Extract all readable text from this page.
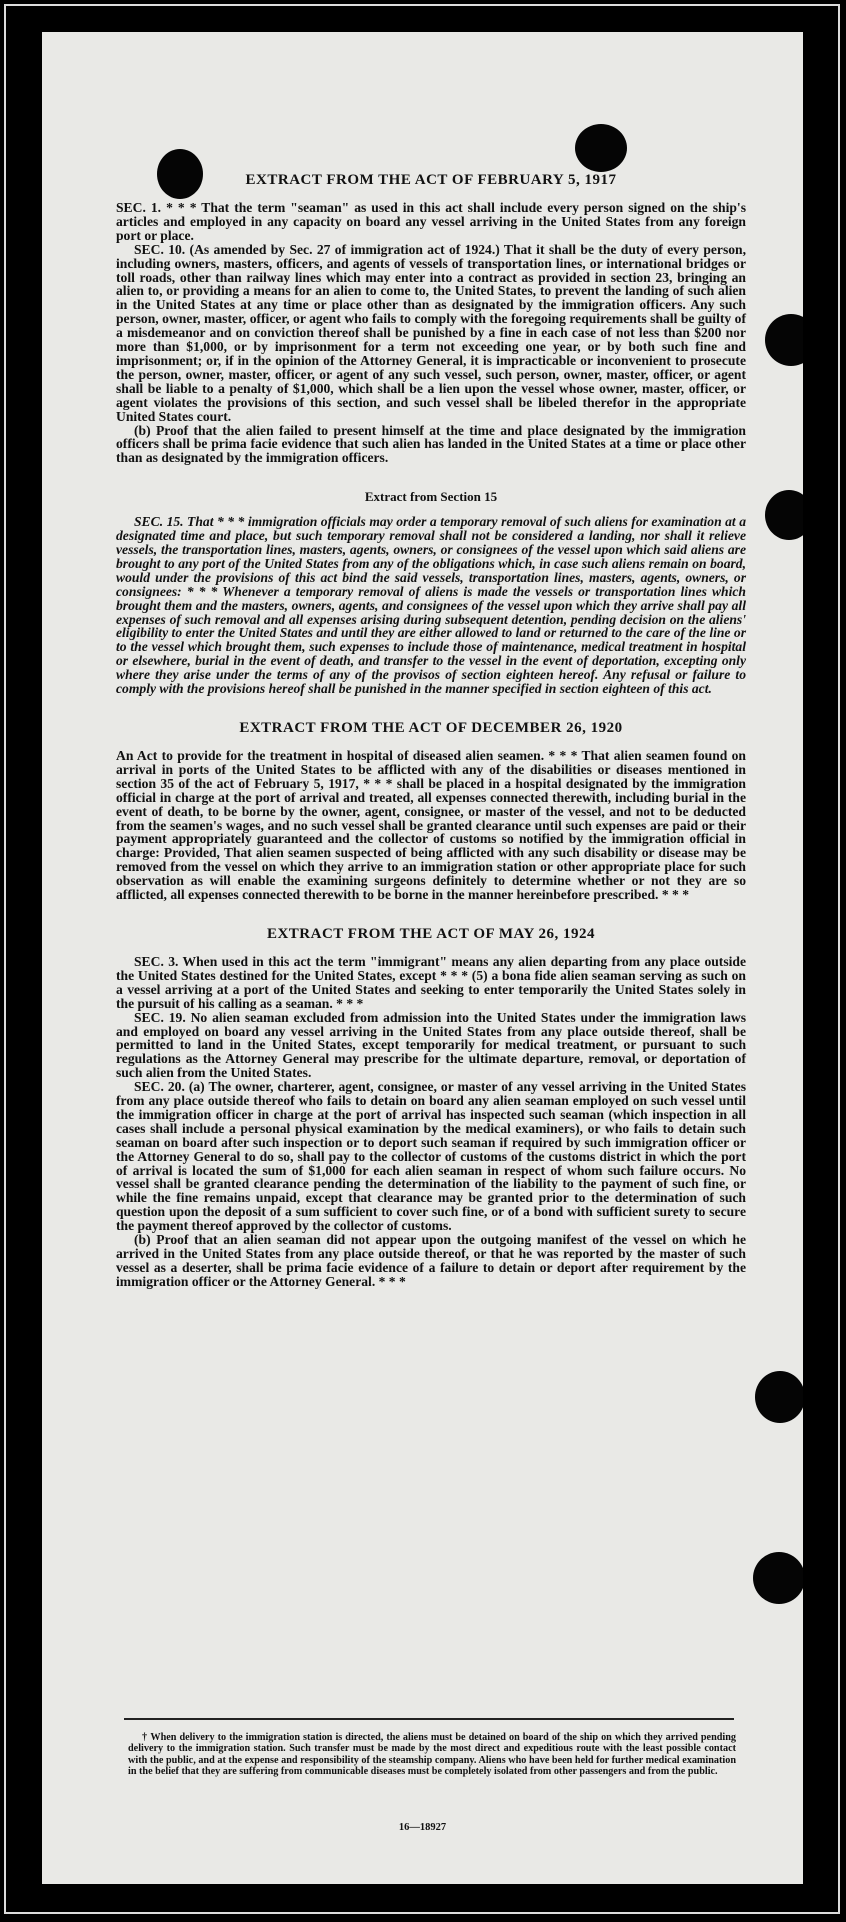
EXTRACT FROM THE ACT OF FEBRUARY 5, 1917

SEC. 1. * * * That the term "seaman" as used in this act shall include every person signed on the ship's articles and employed in any capacity on board any vessel arriving in the United States from any foreign port or place.

SEC. 10. (As amended by Sec. 27 of immigration act of 1924.) That it shall be the duty of every person, including owners, masters, officers, and agents of vessels of transportation lines, or international bridges or toll roads, other than railway lines which may enter into a contract as provided in section 23, bringing an alien to, or providing a means for an alien to come to, the United States, to prevent the landing of such alien in the United States at any time or place other than as designated by the immigration officers. Any such person, owner, master, officer, or agent who fails to comply with the foregoing requirements shall be guilty of a misdemeanor and on conviction thereof shall be punished by a fine in each case of not less than $200 nor more than $1,000, or by imprisonment for a term not exceeding one year, or by both such fine and imprisonment; or, if in the opinion of the Attorney General, it is impracticable or inconvenient to prosecute the person, owner, master, officer, or agent of any such vessel, such person, owner, master, officer, or agent shall be liable to a penalty of $1,000, which shall be a lien upon the vessel whose owner, master, officer, or agent violates the provisions of this section, and such vessel shall be libeled therefor in the appropriate United States court.

(b) Proof that the alien failed to present himself at the time and place designated by the immigration officers shall be prima facie evidence that such alien has landed in the United States at a time or place other than as designated by the immigration officers.

Extract from Section 15

SEC. 15. That * * * immigration officials may order a temporary removal of such aliens for examination at a designated time and place, but such temporary removal shall not be considered a landing, nor shall it relieve vessels, the transportation lines, masters, agents, owners, or consignees of the vessel upon which said aliens are brought to any port of the United States from any of the obligations which, in case such aliens remain on board, would under the provisions of this act bind the said vessels, transportation lines, masters, agents, owners, or consignees: * * * Whenever a temporary removal of aliens is made the vessels or transportation lines which brought them and the masters, owners, agents, and consignees of the vessel upon which they arrive shall pay all expenses of such removal and all expenses arising during subsequent detention, pending decision on the aliens' eligibility to enter the United States and until they are either allowed to land or returned to the care of the line or to the vessel which brought them, such expenses to include those of maintenance, medical treatment in hospital or elsewhere, burial in the event of death, and transfer to the vessel in the event of deportation, excepting only where they arise under the terms of any of the provisos of section eighteen hereof. Any refusal or failure to comply with the provisions hereof shall be punished in the manner specified in section eighteen of this act.

EXTRACT FROM THE ACT OF DECEMBER 26, 1920

An Act to provide for the treatment in hospital of diseased alien seamen. * * * That alien seamen found on arrival in ports of the United States to be afflicted with any of the disabilities or diseases mentioned in section 35 of the act of February 5, 1917, * * * shall be placed in a hospital designated by the immigration official in charge at the port of arrival and treated, all expenses connected therewith, including burial in the event of death, to be borne by the owner, agent, consignee, or master of the vessel, and not to be deducted from the seamen's wages, and no such vessel shall be granted clearance until such expenses are paid or their payment appropriately guaranteed and the collector of customs so notified by the immigration official in charge: Provided, That alien seamen suspected of being afflicted with any such disability or disease may be removed from the vessel on which they arrive to an immigration station or other appropriate place for such observation as will enable the examining surgeons definitely to determine whether or not they are so afflicted, all expenses connected therewith to be borne in the manner hereinbefore prescribed. * * *

EXTRACT FROM THE ACT OF MAY 26, 1924

SEC. 3. When used in this act the term "immigrant" means any alien departing from any place outside the United States destined for the United States, except * * * (5) a bona fide alien seaman serving as such on a vessel arriving at a port of the United States and seeking to enter temporarily the United States solely in the pursuit of his calling as a seaman. * * *

SEC. 19. No alien seaman excluded from admission into the United States under the immigration laws and employed on board any vessel arriving in the United States from any place outside thereof, shall be permitted to land in the United States, except temporarily for medical treatment, or pursuant to such regulations as the Attorney General may prescribe for the ultimate departure, removal, or deportation of such alien from the United States.

SEC. 20. (a) The owner, charterer, agent, consignee, or master of any vessel arriving in the United States from any place outside thereof who fails to detain on board any alien seaman employed on such vessel until the immigration officer in charge at the port of arrival has inspected such seaman (which inspection in all cases shall include a personal physical examination by the medical examiners), or who fails to detain such seaman on board after such inspection or to deport such seaman if required by such immigration officer or the Attorney General to do so, shall pay to the collector of customs of the customs district in which the port of arrival is located the sum of $1,000 for each alien seaman in respect of whom such failure occurs. No vessel shall be granted clearance pending the determination of the liability to the payment of such fine, or while the fine remains unpaid, except that clearance may be granted prior to the determination of such question upon the deposit of a sum sufficient to cover such fine, or of a bond with sufficient surety to secure the payment thereof approved by the collector of customs.

(b) Proof that an alien seaman did not appear upon the outgoing manifest of the vessel on which he arrived in the United States from any place outside thereof, or that he was reported by the master of such vessel as a deserter, shall be prima facie evidence of a failure to detain or deport after requirement by the immigration officer or the Attorney General. * * *

† When delivery to the immigration station is directed, the aliens must be detained on board of the ship on which they arrived pending delivery to the immigration station. Such transfer must be made by the most direct and expeditious route with the least possible contact with the public, and at the expense and responsibility of the steamship company. Aliens who have been held for further medical examination in the belief that they are suffering from communicable diseases must be completely isolated from other passengers and from the public.
16—18927
